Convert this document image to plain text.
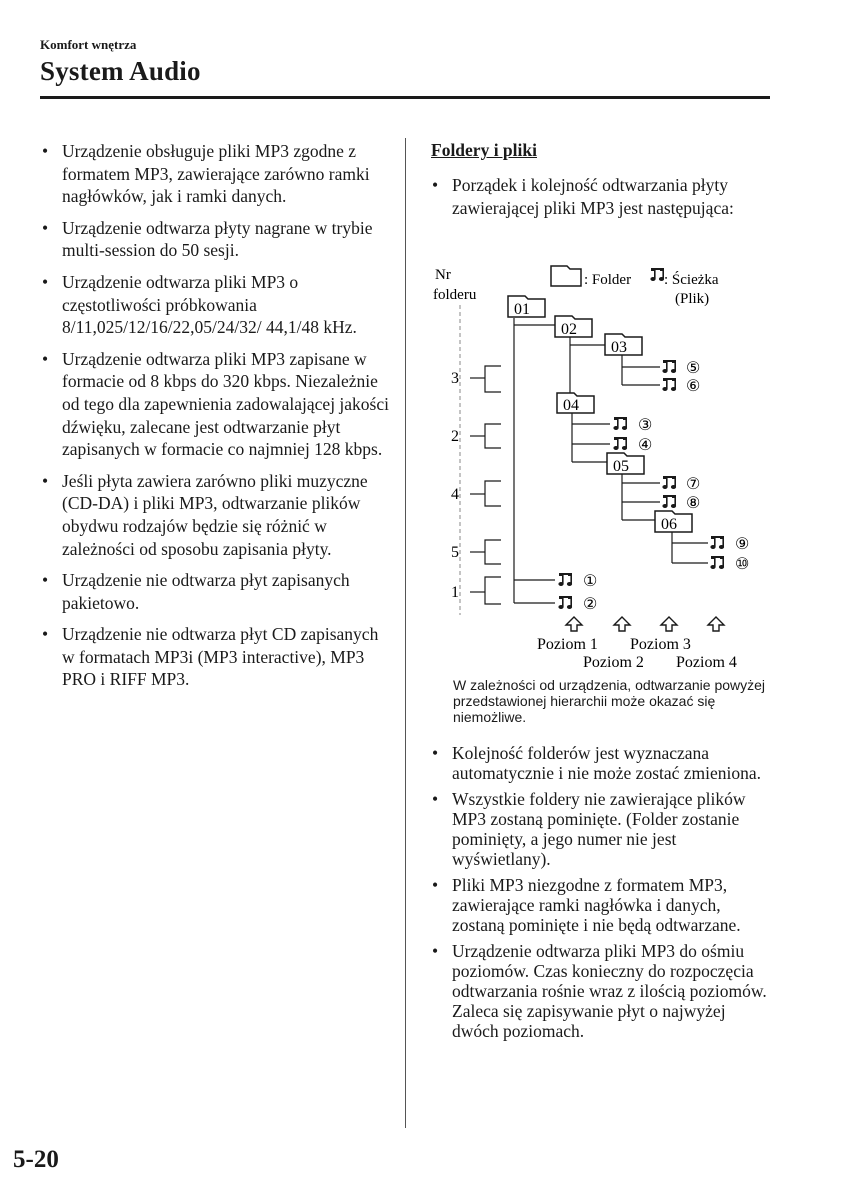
Komfort wnętrza
System Audio
• Urządzenie obsługuje pliki MP3 zgodne z formatem MP3, zawierające zarówno ramki nagłówków, jak i ramki danych.
• Urządzenie odtwarza płyty nagrane w trybie multi-session do 50 sesji.
• Urządzenie odtwarza pliki MP3 o częstotliwości próbkowania 8/11,025/12/16/22,05/24/32/ 44,1/48 kHz.
• Urządzenie odtwarza pliki MP3 zapisane w formacie od 8 kbps do 320 kbps. Niezależnie od tego dla zapewnienia zadowalającej jakości dźwięku, zalecane jest odtwarzanie płyt zapisanych w formacie co najmniej 128 kbps.
• Jeśli płyta zawiera zarówno pliki muzyczne (CD-DA) i pliki MP3, odtwarzanie plików obydwu rodzajów będzie się różnić w zależności od sposobu zapisania płyty.
• Urządzenie nie odtwarza płyt zapisanych pakietowo.
• Urządzenie nie odtwarza płyt CD zapisanych w formatach MP3i (MP3 interactive), MP3 PRO i RIFF MP3.
Foldery i pliki
• Porządek i kolejność odtwarzania płyty zawierającej pliki MP3 jest następująca:
Nr
folderu
: Folder : Ścieżka
(Plik)
3
2
4
5
1
01
02
03
04
05
06
⑤
⑥
③
④
⑦
⑧
⑨
⑩
①
②
Poziom 1 Poziom 3
Poziom 2 Poziom 4
W zależności od urządzenia, odtwarzanie powyżej przedstawionej hierarchii może okazać się niemożliwe.
• Kolejność folderów jest wyznaczana automatycznie i nie może zostać zmieniona.
• Wszystkie foldery nie zawierające plików MP3 zostaną pominięte. (Folder zostanie pominięty, a jego numer nie jest wyświetlany).
• Pliki MP3 niezgodne z formatem MP3, zawierające ramki nagłówka i danych, zostaną pominięte i nie będą odtwarzane.
• Urządzenie odtwarza pliki MP3 do ośmiu poziomów. Czas konieczny do rozpoczęcia odtwarzania rośnie wraz z ilością poziomów. Zaleca się zapisywanie płyt o najwyżej dwóch poziomach.
5-20
